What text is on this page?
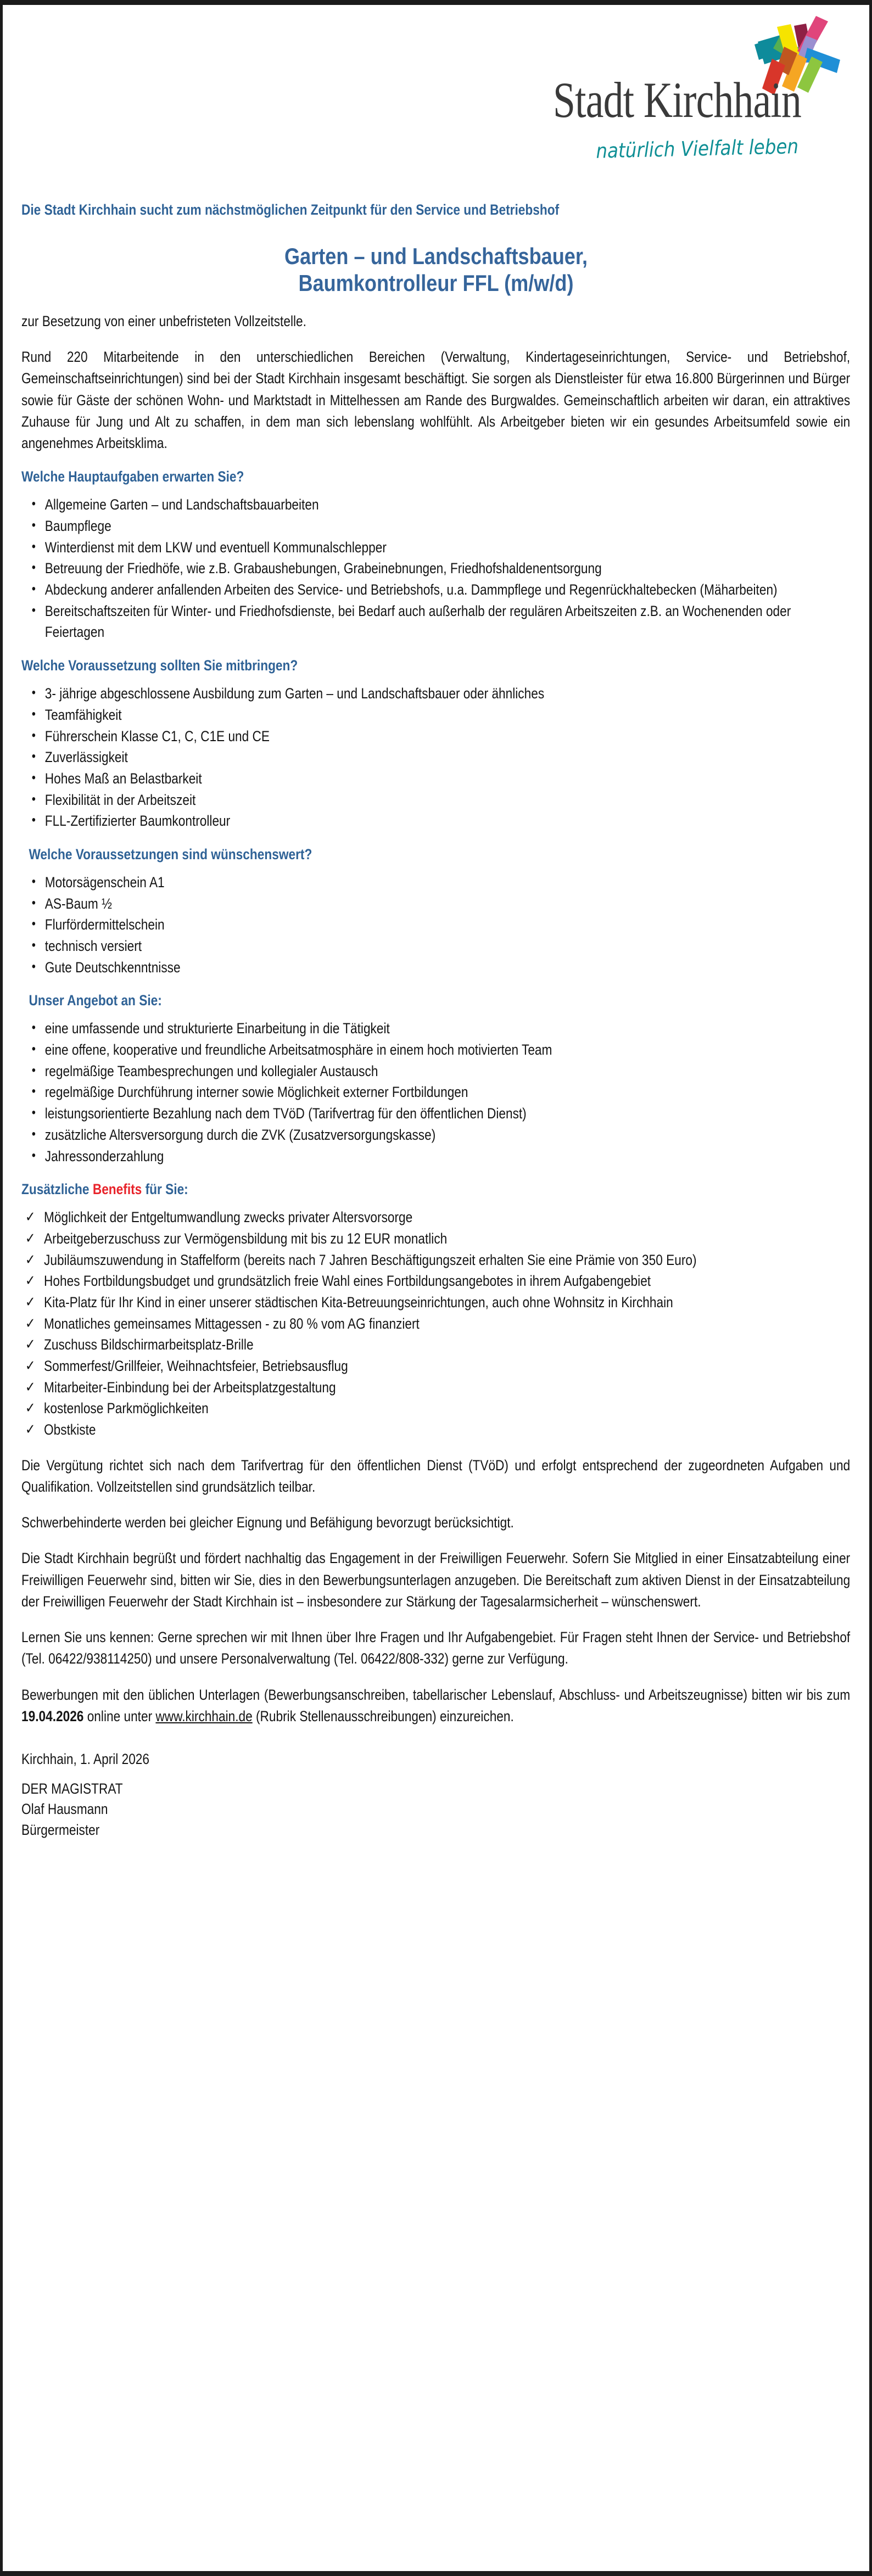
Stadt Kirchhain
natürlich Vielfalt leben

Die Stadt Kirchhain sucht zum nächstmöglichen Zeitpunkt für den Service und Betriebshof

Garten – und Landschaftsbauer,
Baumkontrolleur FFL (m/w/d)

zur Besetzung von einer unbefristeten Vollzeitstelle.

Rund 220 Mitarbeitende in den unterschiedlichen Bereichen (Verwaltung, Kindertageseinrichtungen, Service- und Betriebshof, Gemeinschaftseinrichtungen) sind bei der Stadt Kirchhain insgesamt beschäftigt. Sie sorgen als Dienstleister für etwa 16.800 Bürgerinnen und Bürger sowie für Gäste der schönen Wohn- und Marktstadt in Mittelhessen am Rande des Burgwaldes. Gemeinschaftlich arbeiten wir daran, ein attraktives Zuhause für Jung und Alt zu schaffen, in dem man sich lebenslang wohlfühlt. Als Arbeitgeber bieten wir ein gesundes Arbeitsumfeld sowie ein angenehmes Arbeitsklima.

Welche Hauptaufgaben erwarten Sie?

• Allgemeine Garten – und Landschaftsbauarbeiten
• Baumpflege
• Winterdienst mit dem LKW und eventuell Kommunalschlepper
• Betreuung der Friedhöfe, wie z.B. Grabaushebungen, Grabeinebnungen, Friedhofshaldenentsorgung
• Abdeckung anderer anfallenden Arbeiten des Service- und Betriebshofs, u.a. Dammpflege und Regenrückhaltebecken (Mäharbeiten)
• Bereitschaftszeiten für Winter- und Friedhofsdienste, bei Bedarf auch außerhalb der regulären Arbeitszeiten z.B. an Wochenenden oder Feiertagen

Welche Voraussetzung sollten Sie mitbringen?

• 3- jährige abgeschlossene Ausbildung zum Garten – und Landschaftsbauer oder ähnliches
• Teamfähigkeit
• Führerschein Klasse C1, C, C1E und CE
• Zuverlässigkeit
• Hohes Maß an Belastbarkeit
• Flexibilität in der Arbeitszeit
• FLL-Zertifizierter Baumkontrolleur

Welche Voraussetzungen sind wünschenswert?

• Motorsägenschein A1
• AS-Baum ½
• Flurfördermittelschein
• technisch versiert
• Gute Deutschkenntnisse

Unser Angebot an Sie:

• eine umfassende und strukturierte Einarbeitung in die Tätigkeit
• eine offene, kooperative und freundliche Arbeitsatmosphäre in einem hoch motivierten Team
• regelmäßige Teambesprechungen und kollegialer Austausch
• regelmäßige Durchführung interner sowie Möglichkeit externer Fortbildungen
• leistungsorientierte Bezahlung nach dem TVöD (Tarifvertrag für den öffentlichen Dienst)
• zusätzliche Altersversorgung durch die ZVK (Zusatzversorgungskasse)
• Jahressonderzahlung

Zusätzliche Benefits für Sie:

✓ Möglichkeit der Entgeltumwandlung zwecks privater Altersvorsorge
✓ Arbeitgeberzuschuss zur Vermögensbildung mit bis zu 12 EUR monatlich
✓ Jubiläumszuwendung in Staffelform (bereits nach 7 Jahren Beschäftigungszeit erhalten Sie eine Prämie von 350 Euro)
✓ Hohes Fortbildungsbudget und grundsätzlich freie Wahl eines Fortbildungsangebotes in ihrem Aufgabengebiet
✓ Kita-Platz für Ihr Kind in einer unserer städtischen Kita-Betreuungseinrichtungen, auch ohne Wohnsitz in Kirchhain
✓ Monatliches gemeinsames Mittagessen - zu 80 % vom AG finanziert
✓ Zuschuss Bildschirmarbeitsplatz-Brille
✓ Sommerfest/Grillfeier, Weihnachtsfeier, Betriebsausflug
✓ Mitarbeiter-Einbindung bei der Arbeitsplatzgestaltung
✓ kostenlose Parkmöglichkeiten
✓ Obstkiste

Die Vergütung richtet sich nach dem Tarifvertrag für den öffentlichen Dienst (TVöD) und erfolgt entsprechend der zugeordneten Aufgaben und Qualifikation. Vollzeitstellen sind grundsätzlich teilbar.

Schwerbehinderte werden bei gleicher Eignung und Befähigung bevorzugt berücksichtigt.

Die Stadt Kirchhain begrüßt und fördert nachhaltig das Engagement in der Freiwilligen Feuerwehr. Sofern Sie Mitglied in einer Einsatzabteilung einer Freiwilligen Feuerwehr sind, bitten wir Sie, dies in den Bewerbungsunterlagen anzugeben. Die Bereitschaft zum aktiven Dienst in der Einsatzabteilung der Freiwilligen Feuerwehr der Stadt Kirchhain ist – insbesondere zur Stärkung der Tagesalarmsicherheit – wünschenswert.

Lernen Sie uns kennen: Gerne sprechen wir mit Ihnen über Ihre Fragen und Ihr Aufgabengebiet. Für Fragen steht Ihnen der Service- und Betriebshof (Tel. 06422/938114250) und unsere Personalverwaltung (Tel. 06422/808-332) gerne zur Verfügung.

Bewerbungen mit den üblichen Unterlagen (Bewerbungsanschreiben, tabellarischer Lebenslauf, Abschluss- und Arbeitszeugnisse) bitten wir bis zum 19.04.2026 online unter www.kirchhain.de (Rubrik Stellenausschreibungen) einzureichen.

Kirchhain, 1. April 2026

DER MAGISTRAT

Olaf Hausmann

Bürgermeister
